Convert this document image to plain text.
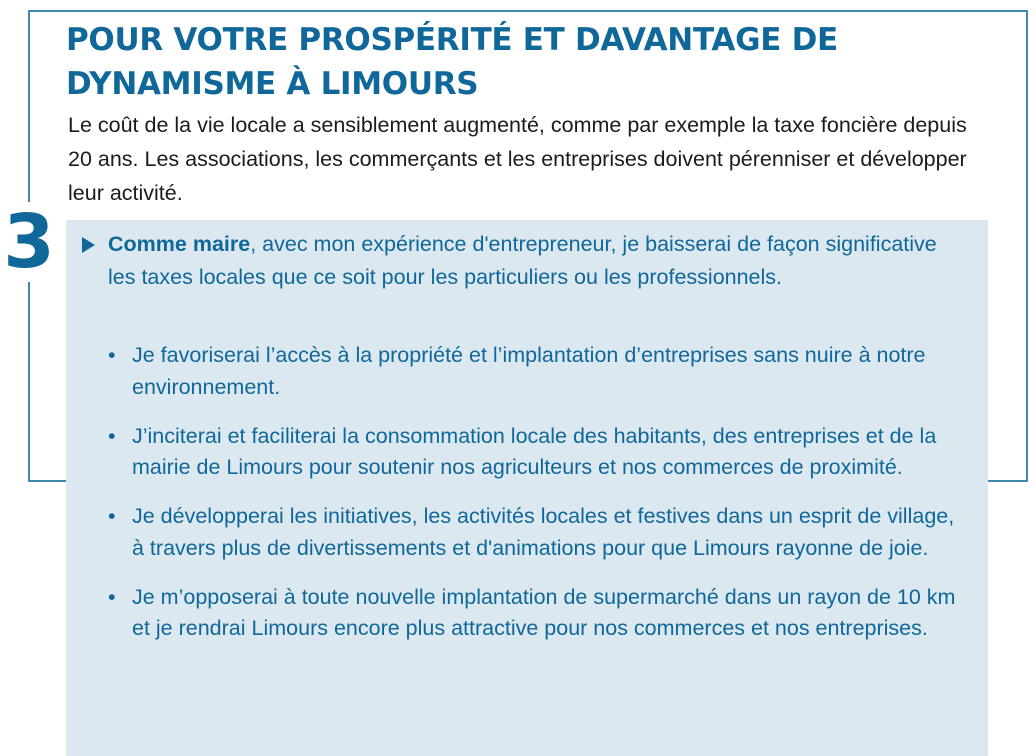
3
POUR VOTRE PROSPÉRITÉ ET DAVANTAGE DE DYNAMISME À LIMOURS

Le coût de la vie locale a sensiblement augmenté, comme par exemple la taxe foncière depuis 20 ans. Les associations, les commerçants et les entreprises doivent pérenniser et développer leur activité.

Comme maire, avec mon expérience d'entrepreneur, je baisserai de façon significative les taxes locales que ce soit pour les particuliers ou les professionnels.

• Je favoriserai l’accès à la propriété et l’implantation d’entreprises sans nuire à notre environnement.
• J’inciterai et faciliterai la consommation locale des habitants, des entreprises et de la mairie de Limours pour soutenir nos agriculteurs et nos commerces de proximité.
• Je développerai les initiatives, les activités locales et festives dans un esprit de village, à travers plus de divertissements et d'animations pour que Limours rayonne de joie.
• Je m’opposerai à toute nouvelle implantation de supermarché dans un rayon de 10 km et je rendrai Limours encore plus attractive pour nos commerces et nos entreprises.
